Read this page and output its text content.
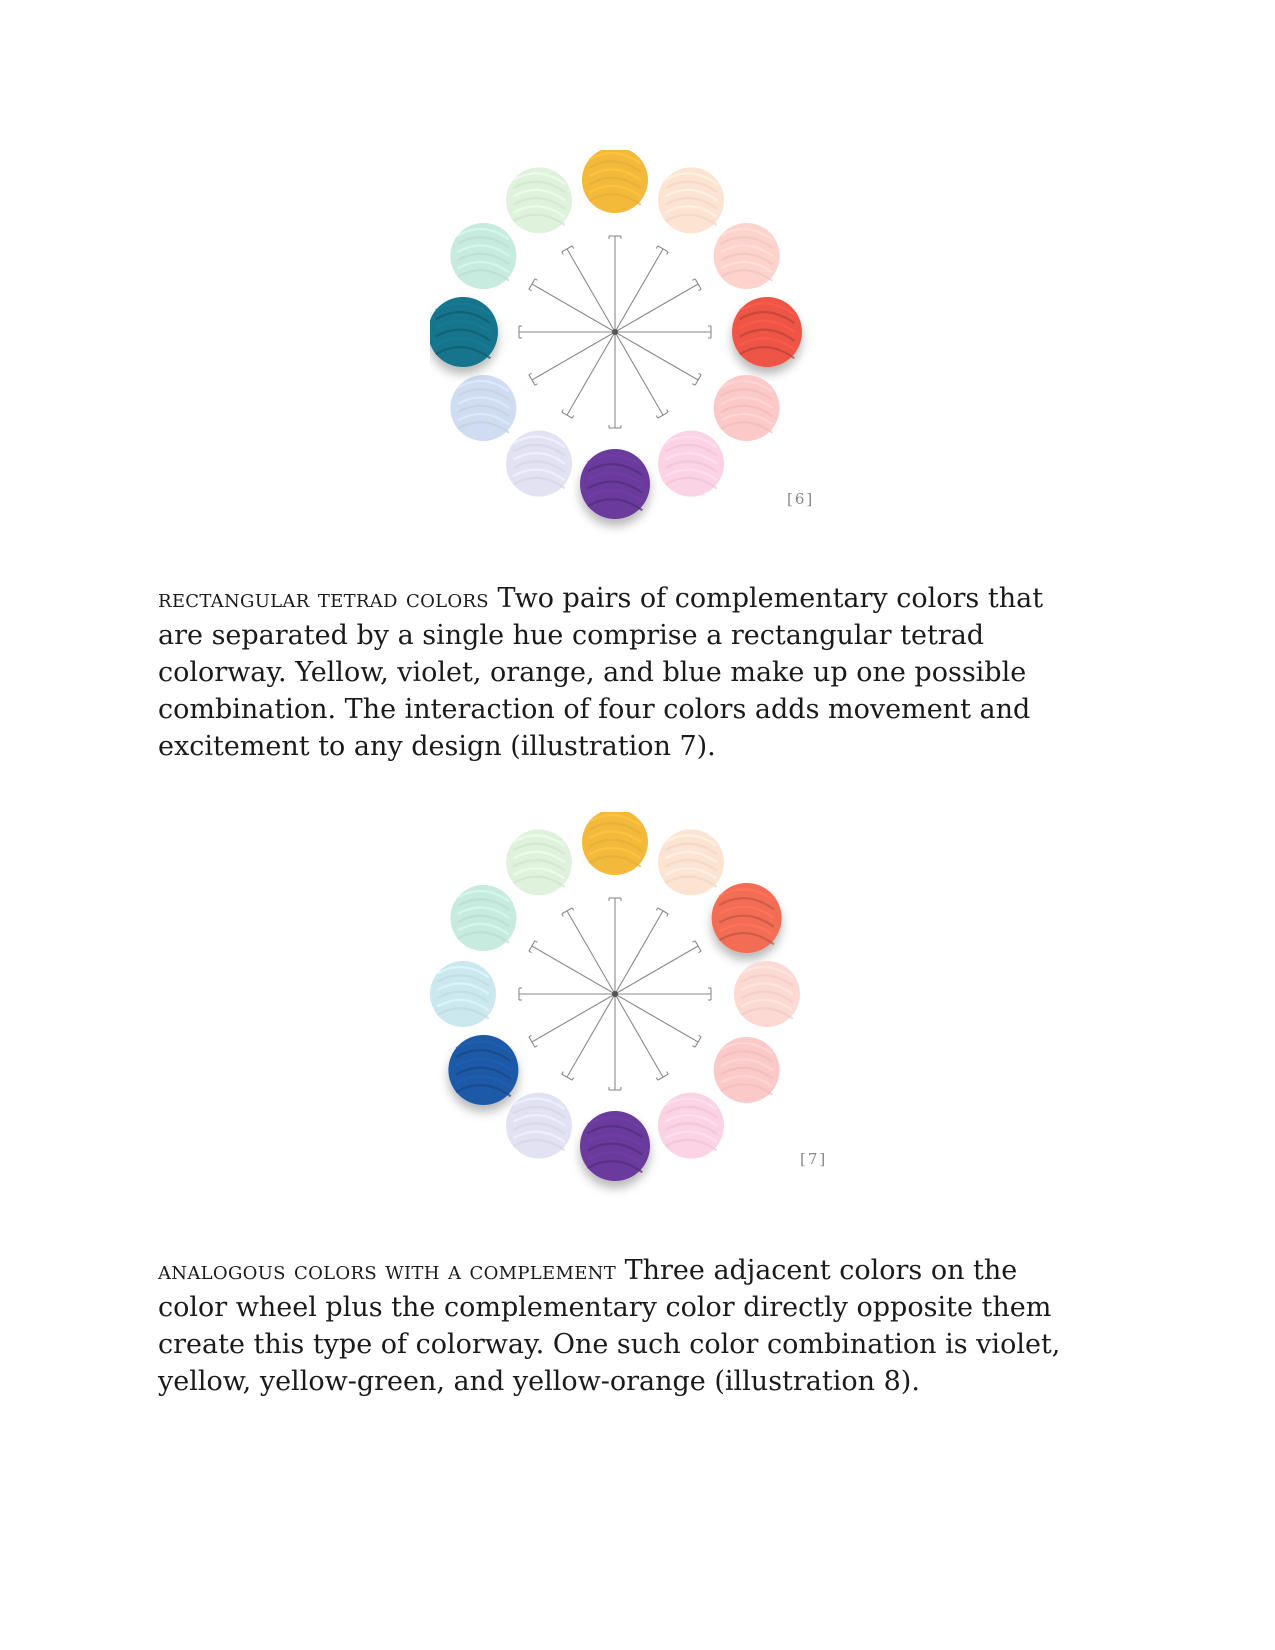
[6]

rectangular tetrad colors Two pairs of complementary colors that
are separated by a single hue comprise a rectangular tetrad
colorway. Yellow, violet, orange, and blue make up one possible
combination. The interaction of four colors adds movement and
excitement to any design (illustration 7).

[7]

analogous colors with a complement Three adjacent colors on the
color wheel plus the complementary color directly opposite them
create this type of colorway. One such color combination is violet,
yellow, yellow-green, and yellow-orange (illustration 8).
